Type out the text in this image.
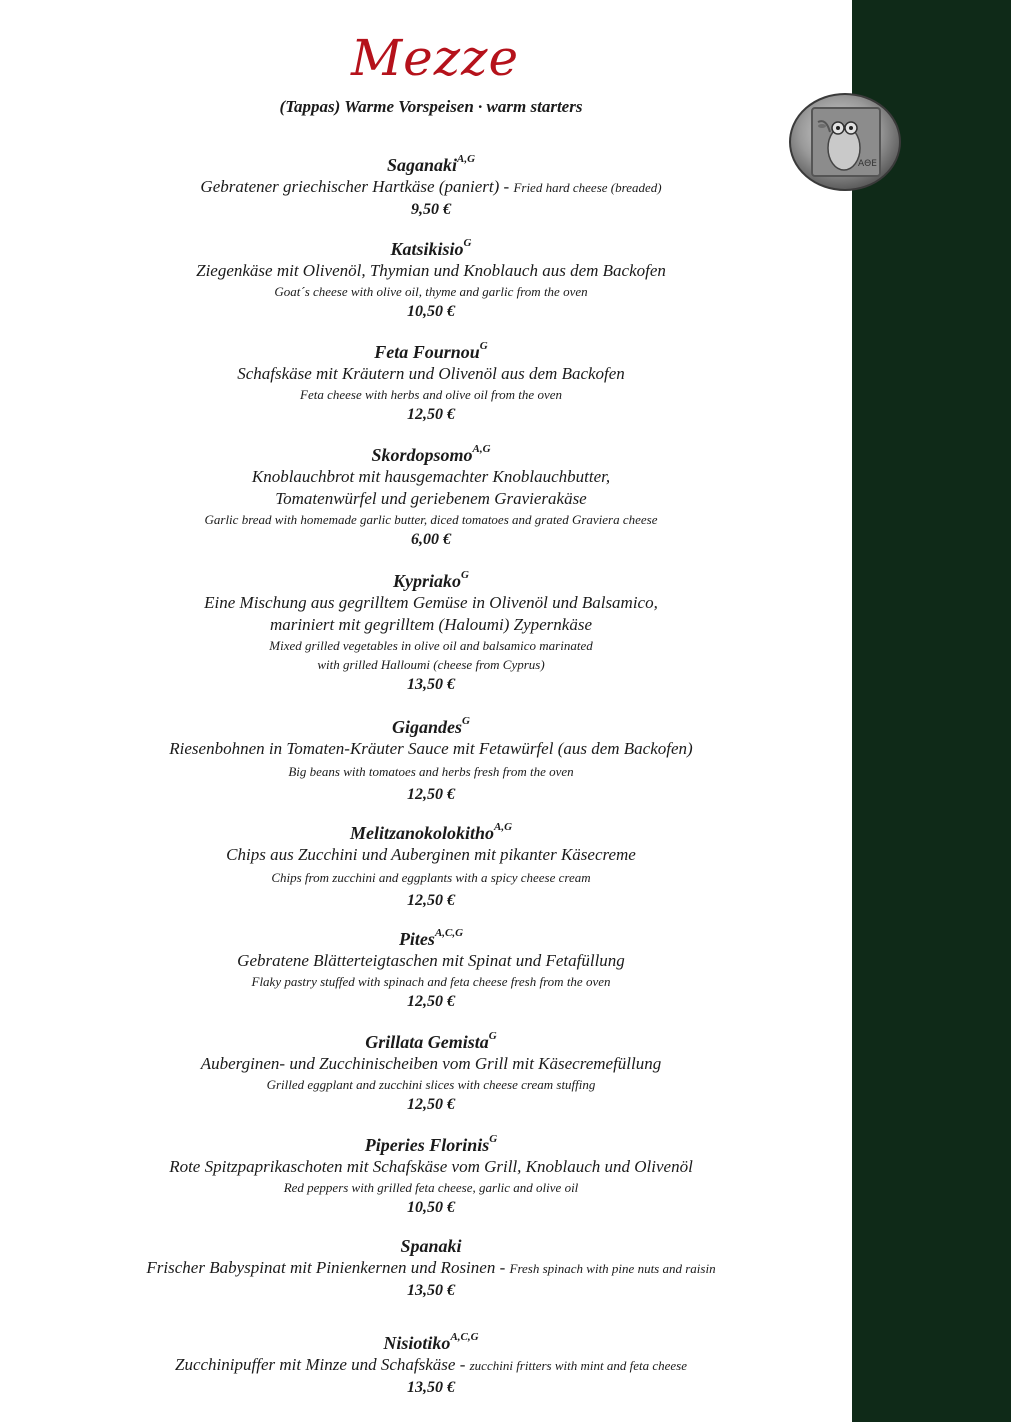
ΑΘΕ
Mezze
(Tappas) Warme Vorspeisen · warm starters

Saganaki$^{A,G}$

Gebratener griechischer Hartkäse (paniert) - Fried hard cheese (breaded)

9,50 €

Katsikisio$^G$

Ziegenkäse mit Olivenöl, Thymian und Knoblauch aus dem Backofen

Goat´s cheese with olive oil, thyme and garlic from the oven

10,50 €

Feta Fournou$^G$

Schafskäse mit Kräutern und Olivenöl aus dem Backofen

Feta cheese with herbs and olive oil from the oven

12,50 €

Skordopsomo$^{A,G}$

Knoblauchbrot mit hausgemachter Knoblauchbutter,

Tomatenwürfel und geriebenem Gravierakäse

Garlic bread with homemade garlic butter, diced tomatoes and grated Graviera cheese

6,00 €

Kypriako$^G$

Eine Mischung aus gegrilltem Gemüse in Olivenöl und Balsamico,

mariniert mit gegrilltem (Haloumi) Zypernkäse

Mixed grilled vegetables in olive oil and balsamico marinated

with grilled Halloumi (cheese from Cyprus)

13,50 €

Gigandes$^G$

Riesenbohnen in Tomaten-Kräuter Sauce mit Fetawürfel (aus dem Backofen)

Big beans with tomatoes and herbs fresh from the oven

12,50 €

Melitzanokolokitho$^{A,G}$

Chips aus Zucchini und Auberginen mit pikanter Käsecreme

Chips from zucchini and eggplants with a spicy cheese cream

12,50 €

Pites$^{A,C,G}$

Gebratene Blätterteigtaschen mit Spinat und Fetafüllung

Flaky pastry stuffed with spinach and feta cheese fresh from the oven

12,50 €

Grillata Gemista$^G$

Auberginen- und Zucchinischeiben vom Grill mit Käsecremefüllung

Grilled eggplant and zucchini slices with cheese cream stuffing

12,50 €

Piperies Florinis$^G$

Rote Spitzpaprikaschoten mit Schafskäse vom Grill, Knoblauch und Olivenöl

Red peppers with grilled feta cheese, garlic and olive oil

10,50 €

Spanaki

Frischer Babyspinat mit Pinienkernen und Rosinen - Fresh spinach with pine nuts and raisin

13,50 €

Nisiotiko$^{A,C,G}$

Zucchinipuffer mit Minze und Schafskäse - zucchini fritters with mint and feta cheese

13,50 €
